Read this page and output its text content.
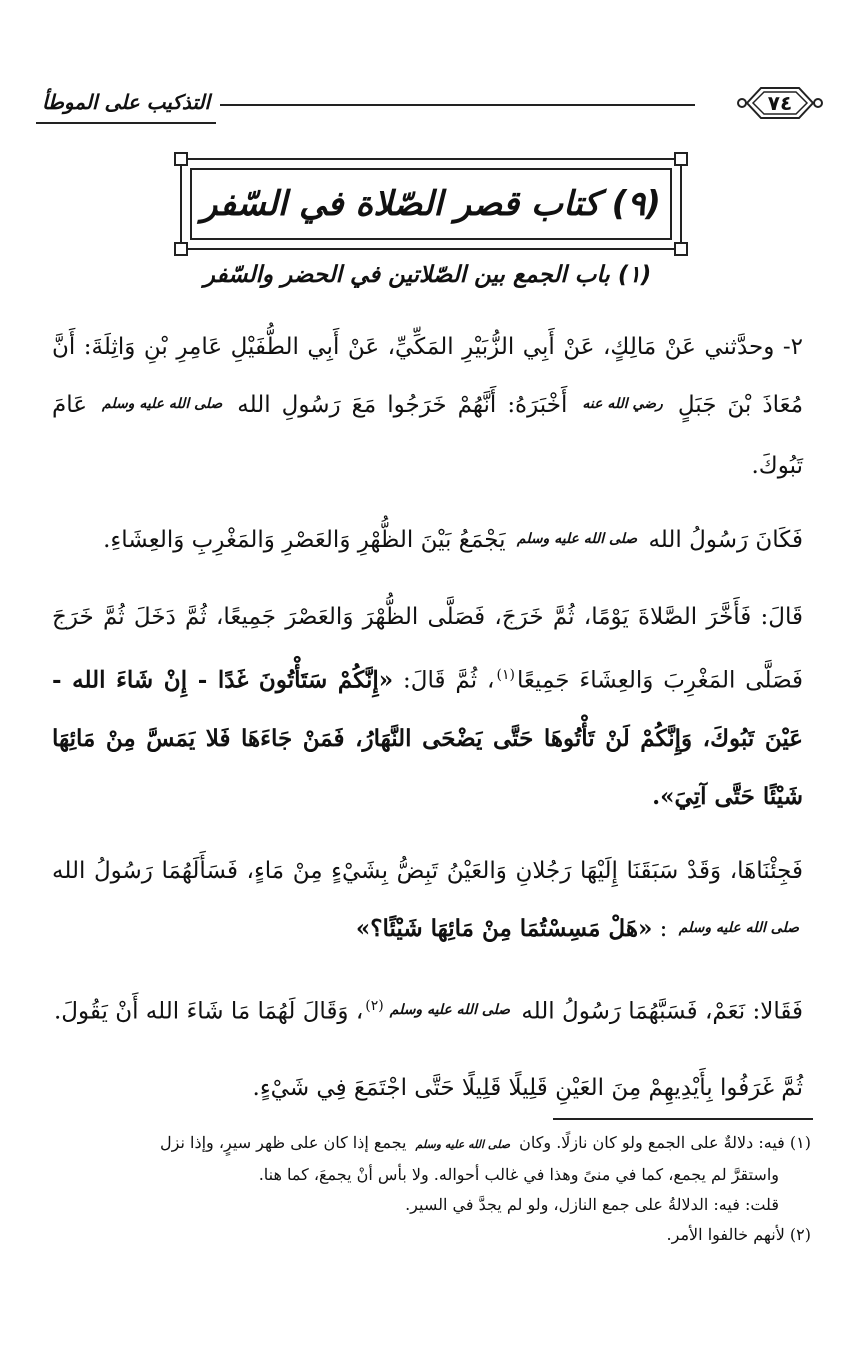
٧٤
التذكيب على الموطأ
(٩) كتاب قصر الصّلاة في السّفر
(١) باب الجمع بين الصّلاتين في الحضر والسّفر

٢- وحدَّثني عَنْ مَالِكٍ، عَنْ أَبِي الزُّبَيْرِ المَكِّيِّ، عَنْ أَبِي الطُّفَيْلِ عَامِرِ بْنِ وَاثِلَةَ: أَنَّ مُعَاذَ بْنَ جَبَلٍ رضي الله عنه أَخْبَرَهُ: أَنَّهُمْ خَرَجُوا مَعَ رَسُولِ الله صلى الله عليه وسلم عَامَ تَبُوكَ.

فَكَانَ رَسُولُ الله صلى الله عليه وسلم يَجْمَعُ بَيْنَ الظُّهْرِ وَالعَصْرِ وَالمَغْرِبِ وَالعِشَاءِ.

قَالَ: فَأَخَّرَ الصَّلاةَ يَوْمًا، ثُمَّ خَرَجَ، فَصَلَّى الظُّهْرَ وَالعَصْرَ جَمِيعًا، ثُمَّ دَخَلَ ثُمَّ خَرَجَ فَصَلَّى المَغْرِبَ وَالعِشَاءَ جَمِيعًا$^{(١)}$، ثُمَّ قَالَ: «إِنَّكُمْ سَتَأْتُونَ غَدًا - إِنْ شَاءَ الله - عَيْنَ تَبُوكَ، وَإِنَّكُمْ لَنْ تَأْتُوهَا حَتَّى يَضْحَى النَّهَارُ، فَمَنْ جَاءَهَا فَلا يَمَسَّ مِنْ مَائِهَا شَيْئًا حَتَّى آتِيَ».

فَجِئْنَاهَا، وَقَدْ سَبَقَنَا إِلَيْهَا رَجُلانِ وَالعَيْنُ تَبِضُّ بِشَيْءٍ مِنْ مَاءٍ، فَسَأَلَهُمَا رَسُولُ الله صلى الله عليه وسلم : «هَلْ مَسِسْتُمَا مِنْ مَائِهَا شَيْئًا؟»

فَقَالا: نَعَمْ، فَسَبَّهُمَا رَسُولُ الله صلى الله عليه وسلم$^{(٢)}$، وَقَالَ لَهُمَا مَا شَاءَ الله أَنْ يَقُولَ.

ثُمَّ غَرَفُوا بِأَيْدِيهِمْ مِنَ العَيْنِ قَلِيلًا قَلِيلًا حَتَّى اجْتَمَعَ فِي شَيْءٍ.

(١) فيه: دلالةٌ على الجمع ولو كان نازلًا. وكان صلى الله عليه وسلم يجمع إذا كان على ظهر سيرٍ، وإذا نزل

واستقرَّ لم يجمع، كما في منىً وهذا في غالب أحواله. ولا بأس أنْ يجمعَ، كما هنا.

قلت: فيه: الدلالةُ على جمع النازل، ولو لم يجدَّ في السير.

(٢) لأنهم خالفوا الأمر.
